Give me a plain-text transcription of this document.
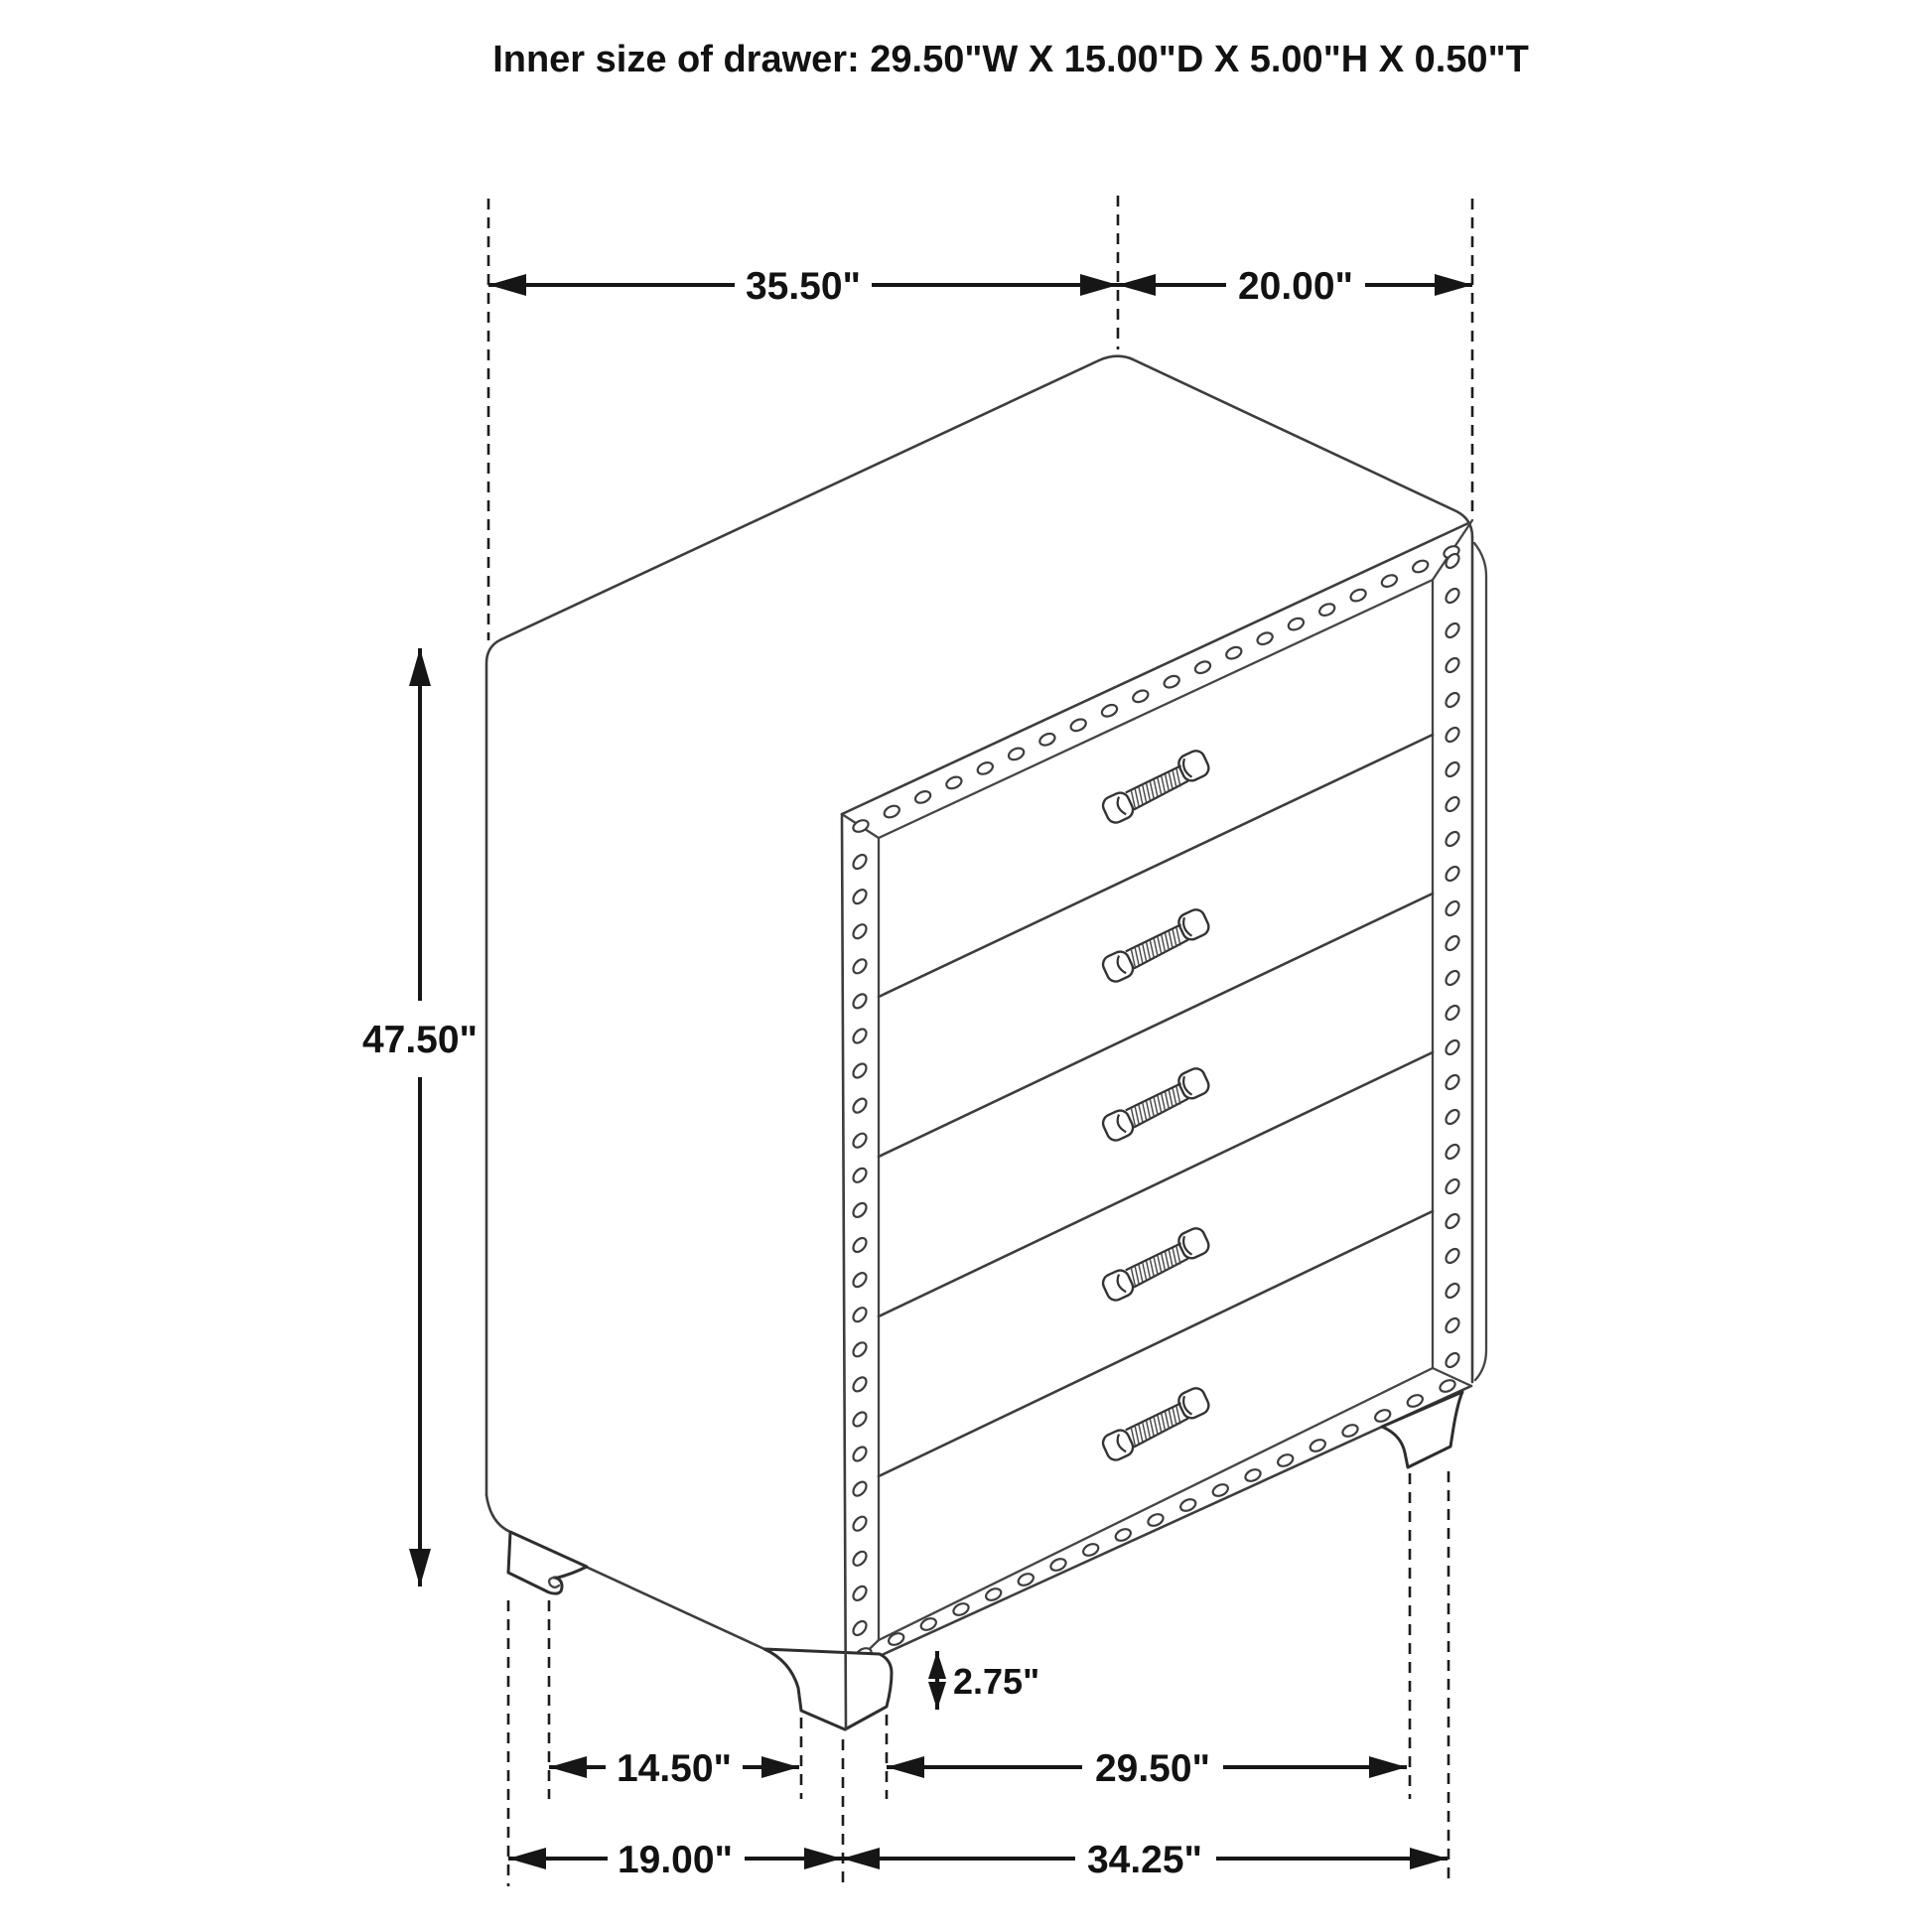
Inner size of drawer: 29.50"W X 15.00"D X 5.00"H X 0.50"T
35.50"	20.00"
47.50"
2.75"
14.50"	29.50"
19.00"	34.25"
